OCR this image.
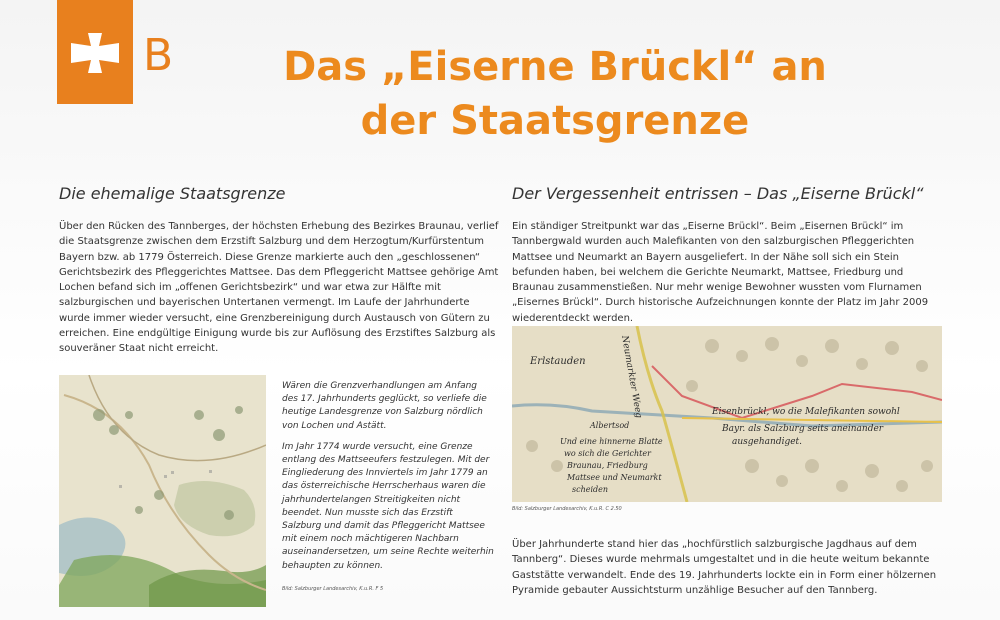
B	Das „Eiserne Brückl“ an
der Staatsgrenze
Die ehemalige Staatsgrenze

Über den Rücken des Tannberges, der höchsten Erhebung des Bezirkes Braunau, verlief die Staatsgrenze zwischen dem Erzstift Salzburg und dem Herzogtum/Kurfürstentum Bayern bzw. ab 1779 Österreich. Diese Grenze markierte auch den „geschlossenen“ Gerichtsbezirk des Pfleggerichtes Mattsee. Das dem Pfleggericht Mattsee gehörige Amt Lochen befand sich im „offenen Gerichtsbezirk“ und war etwa zur Hälfte mit salzburgischen und bayerischen Untertanen vermengt. Im Laufe der Jahrhunderte wurde immer wieder versucht, eine Grenzbereinigung durch Austausch von Gütern zu erreichen. Eine endgültige Einigung wurde bis zur Auflösung des Erzstiftes Salzburg als souveräner Staat nicht erreicht.

Wären die Grenzverhandlungen am Anfang des 17. Jahrhunderts geglückt, so verliefe die heutige Landesgrenze von Salzburg nördlich von Lochen und Astätt.

Im Jahr 1774 wurde versucht, eine Grenze entlang des Mattseeufers festzulegen. Mit der Eingliederung des Innviertels im Jahr 1779 an das österreichische Herrscherhaus waren die jahrhundertelangen Streitigkeiten nicht beendet. Nun musste sich das Erzstift Salzburg und damit das Pfleggericht Mattsee mit einem noch mächtigeren Nachbarn auseinandersetzen, um seine Rechte weiterhin behaupten zu können.

Bild: Salzburger Landesarchiv, K.u.R. F 5
Der Vergessenheit entrissen – Das „Eiserne Brückl“

Ein ständiger Streitpunkt war das „Eiserne Brückl“. Beim „Eisernen Brückl“ im Tannbergwald wurden auch Malefikanten von den salzburgischen Pfleggerichten Mattsee und Neumarkt an Bayern ausgeliefert. In der Nähe soll sich ein Stein befunden haben, bei welchem die Gerichte Neumarkt, Mattsee, Friedburg und Braunau zusammenstießen. Nur mehr wenige Bewohner wussten vom Flurnamen „Eisernes Brückl“. Durch historische Aufzeichnungen konnte der Platz im Jahr 2009 wiederentdeckt werden.

Erlstauden
Eisenbrückl, wo die Malefikanten sowohl
Bayr. als Salzburg seits aneinander
ausgehandiget.
Albertsod
Und eine hinnerne Blatte
wo sich die Gerichter
Braunau, Friedburg
Mattsee und Neumarkt
scheiden
Neumarkter Weeg
Bild: Salzburger Landesarchiv, K.u.R. C 2.50

Über Jahrhunderte stand hier das „hochfürstlich salzburgische Jagdhaus auf dem Tannberg“. Dieses wurde mehrmals umgestaltet und in die heute weitum bekannte Gaststätte verwandelt. Ende des 19. Jahrhunderts lockte ein in Form einer hölzernen Pyramide gebauter Aussichtsturm unzählige Besucher auf den Tannberg.
